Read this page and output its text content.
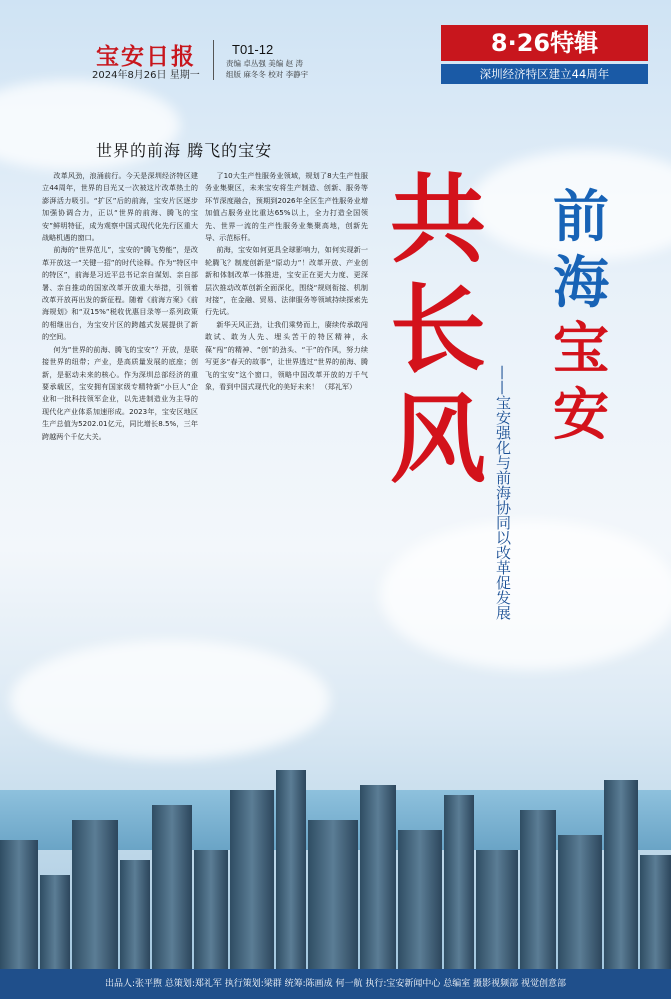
宝安日报
2024年8月26日 星期一
T01-12
责编 卓丛强 美编 赵 涛
组版 麻冬冬 校对 李静宇
8·26特辑
深圳经济特区建立44周年
世界的前海 腾飞的宝安

改革风劲，浪涌前行。今天是深圳经济特区建立44周年，世界的目光又一次被这片改革热土的澎湃活力吸引。“扩区”后的前海，宝安片区逐步加强协调合力，正以“世界的前海、腾飞的宝安”鲜明特征，成为观察中国式现代化先行区重大战略机遇的窗口。

前海的“世界范儿”，宝安的“腾飞势能”，是改革开放这一“关键一招”的时代诠释。作为“特区中的特区”，前海是习近平总书记亲自谋划、亲自部署、亲自推动的国家改革开放重大举措，引领着改革开放再出发的新征程。随着《前海方案》《前海规划》和“双15%”税收优惠目录等一系列政策的相继出台，为宝安片区的跨越式发展提供了新的空间。

何为“世界的前海、腾飞的宝安”？开放，是联接世界的纽带；产业，是高质量发展的底座；创新，是驱动未来的核心。作为深圳总部经济的重要承载区，宝安拥有国家级专精特新“小巨人”企业和一批科技领军企业，以先进制造业为主导的现代化产业体系加速形成。2023年，宝安区地区生产总值为5202.01亿元，同比增长8.5%，三年跨越两个千亿大关。

了10大生产性服务业领域，规划了8大生产性服务业集聚区，未来宝安将生产制造、创新、服务等环节深度融合，预期到2026年全区生产性服务业增加值占服务业比重达65%以上，全力打造全国领先、世界一流的生产性服务业集聚高地，创新先导、示范标杆。

前海，宝安如何更具全球影响力，如何实现新一轮腾飞？制度创新是“原动力”！改革开放、产业创新和体制改革一体推进，宝安正在更大力度、更深层次推动改革创新全面深化，围绕“规则衔接、机制对接”，在金融、贸易、法律服务等领域持续探索先行先试。

新华天风正劲，让我们乘势而上，赓续传承敢闯敢试、敢为人先、埋头苦干的特区精神，永葆“闯”的精神、“创”的劲头、“干”的作风，努力续写更多“春天的故事”，让世界透过“世界的前海、腾飞的宝安”这个窗口，领略中国改革开放的万千气象，看到中国式现代化的美好未来！ （郑礼军）

共
长
风
前
海
宝
安
——宝安强化与前海协同以改革促发展
出品人:张平煦 总策划:郑礼军 执行策划:梁群 统筹:陈画成 何一航 执行:宝安新闻中心 总编室 摄影视频部 视觉创意部
